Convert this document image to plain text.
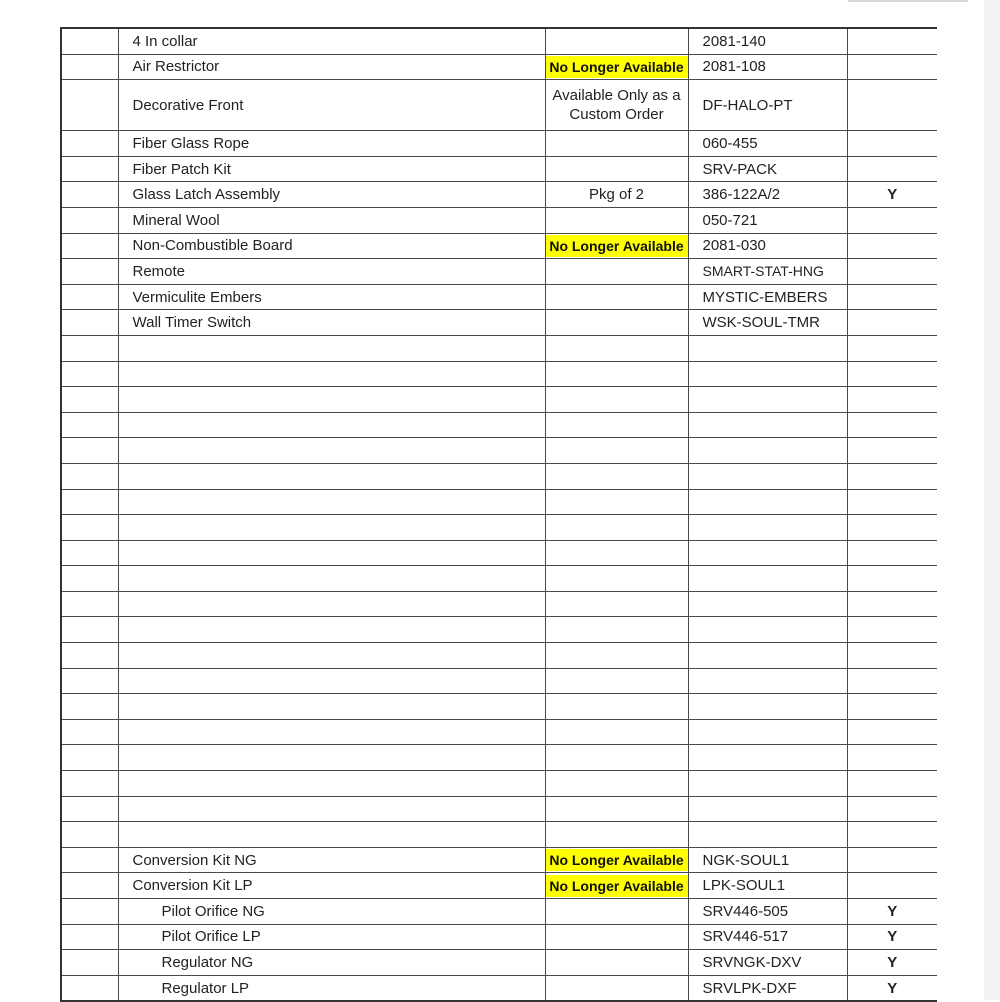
	4 In collar		2081-140	
	Air Restrictor	No Longer Available	2081-108	
	Decorative Front	Available Only as a
Custom Order	DF-HALO-PT	
	Fiber Glass Rope		060-455	
	Fiber Patch Kit		SRV-PACK	
	Glass Latch Assembly	Pkg of 2	386-122A/2	Y
	Mineral Wool		050-721	
	Non-Combustible Board	No Longer Available	2081-030	
	Remote		SMART-STAT-HNG	
	Vermiculite Embers		MYSTIC-EMBERS	
	Wall Timer Switch		WSK-SOUL-TMR	

	Conversion Kit NG	No Longer Available	NGK-SOUL1	
	Conversion Kit LP	No Longer Available	LPK-SOUL1	
	Pilot Orifice NG		SRV446-505	Y
	Pilot Orifice LP		SRV446-517	Y
	Regulator NG		SRVNGK-DXV	Y
	Regulator LP		SRVLPK-DXF	Y
